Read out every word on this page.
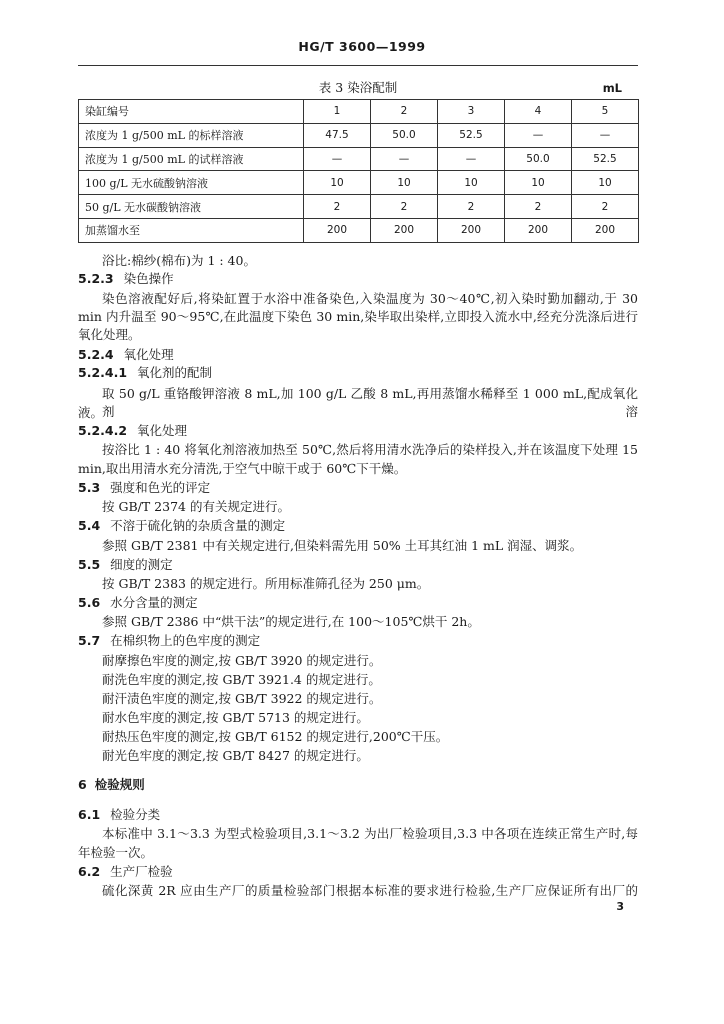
HG/T 3600—1999
表 3 染浴配制	mL
染缸编号	1	2	3	4	5
浓度为 1 g/500 mL 的标样溶液	47.5	50.0	52.5	—	—
浓度为 1 g/500 mL 的试样溶液	—	—	—	50.0	52.5
100 g/L 无水硫酸钠溶液	10	10	10	10	10
50 g/L 无水碳酸钠溶液	2	2	2	2	2
加蒸馏水至	200	200	200	200	200
浴比:棉纱(棉布)为 1 : 40。
5.2.3 染色操作
染色溶液配好后,将染缸置于水浴中准备染色,入染温度为 30～40℃,初入染时勤加翻动,于 30
min 内升温至 90～95℃,在此温度下染色 30 min,染毕取出染样,立即投入流水中,经充分洗涤后进行
氧化处理。
5.2.4 氧化处理
5.2.4.1 氧化剂的配制
取 50 g/L 重铬酸钾溶液 8 mL,加 100 g/L 乙酸 8 mL,再用蒸馏水稀释至 1 000 mL,配成氧化剂溶
液。
5.2.4.2 氧化处理
按浴比 1 : 40 将氧化剂溶液加热至 50℃,然后将用清水洗净后的染样投入,并在该温度下处理 15
min,取出用清水充分清洗,于空气中晾干或于 60℃下干燥。
5.3 强度和色光的评定
按 GB/T 2374 的有关规定进行。
5.4 不溶于硫化钠的杂质含量的测定
参照 GB/T 2381 中有关规定进行,但染料需先用 50% 土耳其红油 1 mL 润湿、调浆。
5.5 细度的测定
按 GB/T 2383 的规定进行。所用标准筛孔径为 250 μm。
5.6 水分含量的测定
参照 GB/T 2386 中“烘干法”的规定进行,在 100～105℃烘干 2h。
5.7 在棉织物上的色牢度的测定
耐摩擦色牢度的测定,按 GB/T 3920 的规定进行。
耐洗色牢度的测定,按 GB/T 3921.4 的规定进行。
耐汗渍色牢度的测定,按 GB/T 3922 的规定进行。
耐水色牢度的测定,按 GB/T 5713 的规定进行。
耐热压色牢度的测定,按 GB/T 6152 的规定进行,200℃干压。
耐光色牢度的测定,按 GB/T 8427 的规定进行。
6 检验规则
6.1 检验分类
本标准中 3.1～3.3 为型式检验项目,3.1～3.2 为出厂检验项目,3.3 中各项在连续正常生产时,每
年检验一次。
6.2 生产厂检验
硫化深黄 2R 应由生产厂的质量检验部门根据本标准的要求进行检验,生产厂应保证所有出厂的
3
